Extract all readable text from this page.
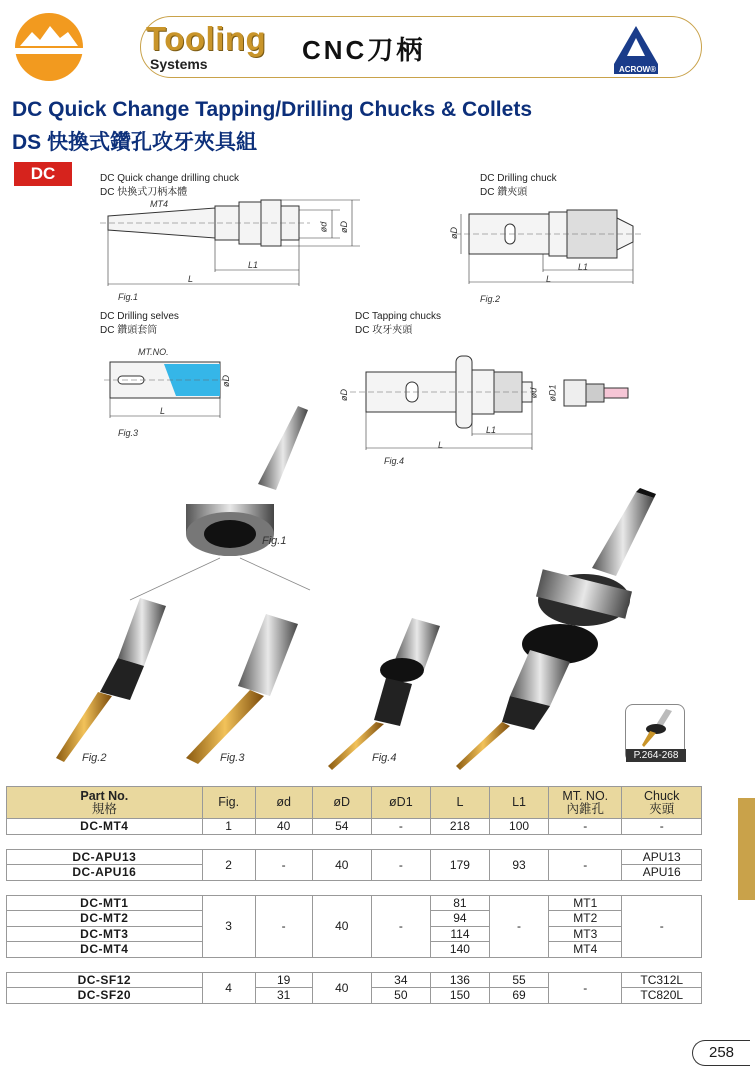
Tooling
Systems	CNC刀柄
ACROW®
DC Quick Change Tapping/Drilling Chucks & Collets
DS 快換式鑽孔攻牙夾具組
DC	DC Quick change drilling chuck
DC 快換式刀柄本體
MT4
ød øD
L1
L
Fig.1
DC Drilling chuck
DC 鑽夾頭
øD
L1
L
Fig.2
DC Drilling selves
DC 鑽頭套筒
MT.NO.
øD
L
Fig.3
DC Tapping chucks
DC 攻牙夾頭
øD	ød øD1
L1
L
Fig.4
Fig.1
Fig.2	Fig.3	Fig.4	P.264-268
Part No.
規格	Fig.	ød	øD	øD1	L	L1	MT. NO.
內錐孔	Chuck
夾頭
DC-MT4	1	40	54	-	218	100	-	-

DC-APU13	2	-	40	-	179	93	-	APU13
DC-APU16								APU16

DC-MT1	3	-	40	-	81	-	MT1	-
DC-MT2					94		MT2	
DC-MT3					114		MT3	
DC-MT4					140		MT4	

DC-SF12	4	19	40	34	136	55	-	TC312L
DC-SF20		31		50	150	69		TC820L
258
